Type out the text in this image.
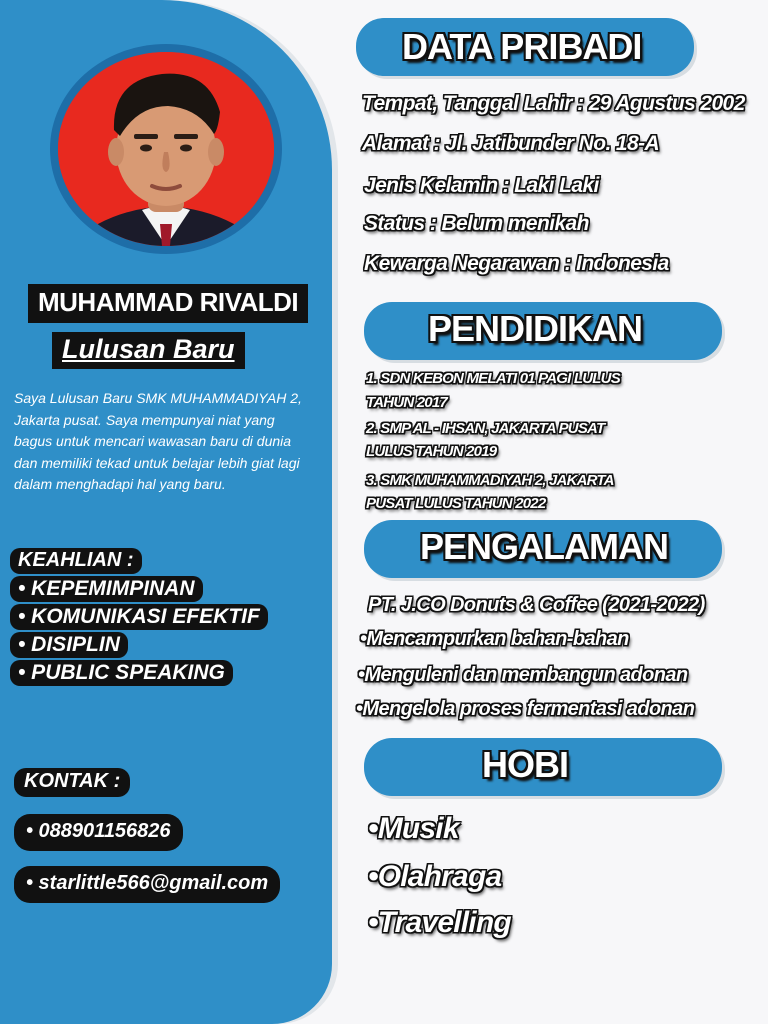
MUHAMMAD RIVALDI
Lulusan Baru
Saya Lulusan Baru SMK MUHAMMADIYAH 2, Jakarta pusat. Saya mempunyai niat yang bagus untuk mencari wawasan baru di dunia dan memiliki tekad untuk belajar lebih giat lagi dalam menghadapi hal yang baru.
KEAHLIAN :
• KEPEMIMPINAN
• KOMUNIKASI EFEKTIF
• DISIPLIN
• PUBLIC SPEAKING
KONTAK :
• 088901156826
• starlittle566@gmail.com
DATA PRIBADI
Tempat, Tanggal Lahir : 29 Agustus 2002
Alamat : Jl. Jatibunder No. 18-A
Jenis Kelamin : Laki Laki
Status : Belum menikah
Kewarga Negarawan : Indonesia
PENDIDIKAN
1. SDN KEBON MELATI 01 PAGI LULUS
TAHUN 2017
2. SMP AL - IHSAN, JAKARTA PUSAT
LULUS TAHUN 2019
3. SMK MUHAMMADIYAH 2, JAKARTA
PUSAT LULUS TAHUN 2022
PENGALAMAN
PT. J.CO Donuts & Coffee (2021-2022)
•Mencampurkan bahan-bahan
•Menguleni dan membangun adonan
•Mengelola proses fermentasi adonan
HOBI
•Musik
•Olahraga
•Travelling
